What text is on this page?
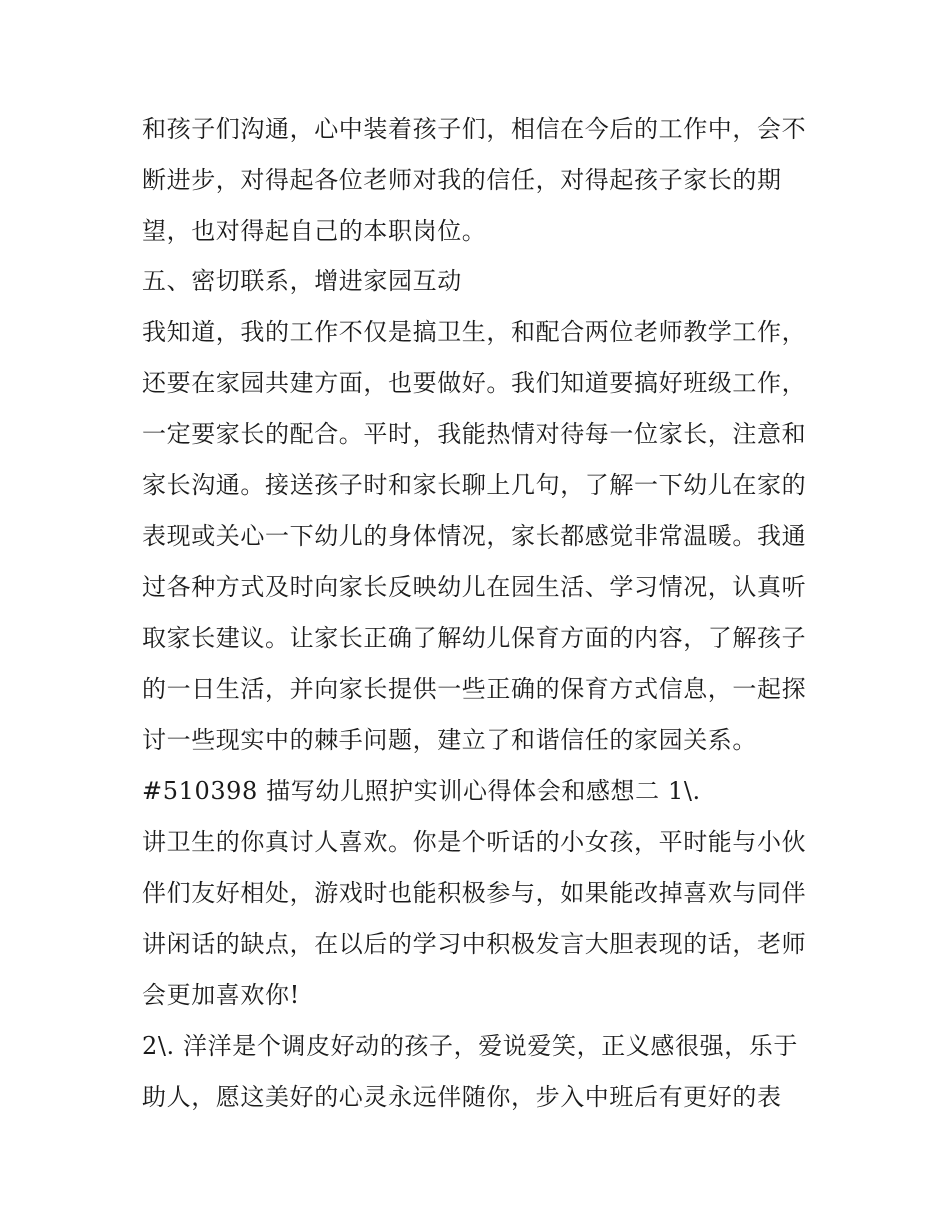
和孩子们沟通，心中装着孩子们，相信在今后的工作中，会不
断进步，对得起各位老师对我的信任，对得起孩子家长的期
望，也对得起自己的本职岗位。
五、密切联系，增进家园互动
我知道，我的工作不仅是搞卫生，和配合两位老师教学工作，
还要在家园共建方面，也要做好。我们知道要搞好班级工作，
一定要家长的配合。平时，我能热情对待每一位家长，注意和
家长沟通。接送孩子时和家长聊上几句，了解一下幼儿在家的
表现或关心一下幼儿的身体情况，家长都感觉非常温暖。我通
过各种方式及时向家长反映幼儿在园生活、学习情况，认真听
取家长建议。让家长正确了解幼儿保育方面的内容，了解孩子
的一日生活，并向家长提供一些正确的保育方式信息，一起探
讨一些现实中的棘手问题，建立了和谐信任的家园关系。
#510398 描写幼儿照护实训心得体会和感想二 1\.
讲卫生的你真讨人喜欢。你是个听话的小女孩，平时能与小伙
伴们友好相处，游戏时也能积极参与，如果能改掉喜欢与同伴
讲闲话的缺点，在以后的学习中积极发言大胆表现的话，老师
会更加喜欢你!
2\. 洋洋是个调皮好动的孩子，爱说爱笑，正义感很强，乐于
助人，愿这美好的心灵永远伴随你，步入中班后有更好的表
